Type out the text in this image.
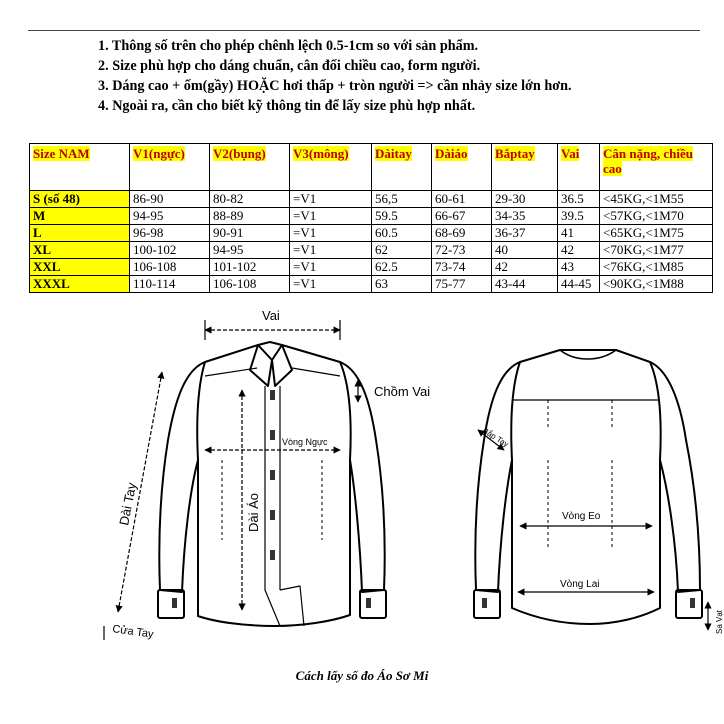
1. Thông số trên cho phép chênh lệch 0.5-1cm so với sản phẩm.
2. Size phù hợp cho dáng chuẩn, cân đối chiều cao, form người.
3. Dáng cao + ốm(gầy) HOẶC hơi thấp + tròn người => cần nhảy size lớn hơn.
4. Ngoài ra, cần cho biết kỹ thông tin để lấy size phù hợp nhất.
Size NAM	V1(ngực)	V2(bụng)	V3(mông)	Dàitay	Dàiáo	Bắptay	Vai	Cân nặng, chiều cao
S (số 48)	86-90	80-82	=V1	56,5	60-61	29-30	36.5	<45KG,<1M55
M	94-95	88-89	=V1	59.5	66-67	34-35	39.5	<57KG,<1M70
L	96-98	90-91	=V1	60.5	68-69	36-37	41	<65KG,<1M75
XL	100-102	94-95	=V1	62	72-73	40	42	<70KG,<1M77
XXL	106-108	101-102	=V1	62.5	73-74	42	43	<76KG,<1M85
XXXL	110-114	106-108	=V1	63	75-77	43-44	44-45	<90KG,<1M88
Vai
Chồm Vai
Vòng Ngực
Dài Áo
Dài Tay
Cửa Tay
Vòng Eo
Vòng Lai
Bắp Tay
Sa Vạt
Cách lấy số đo Áo Sơ Mi
